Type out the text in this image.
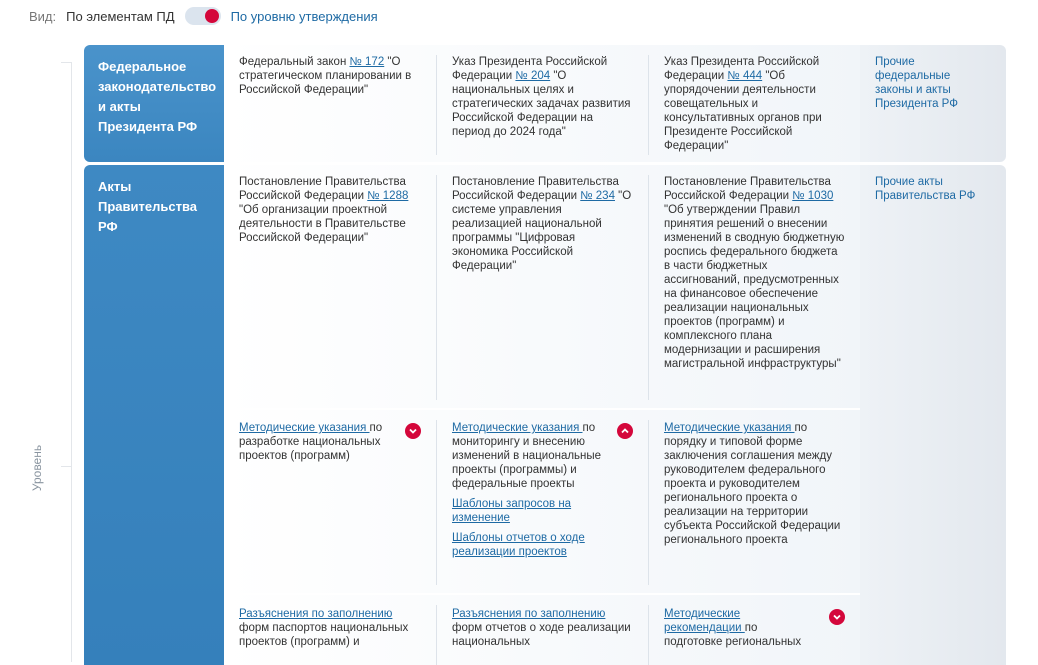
Вид: По элементам ПД	По уровню утверждения
Уровень
Федеральное законодательство и акты Президента РФ
Федеральный закон № 172 "О стратегическом планировании в Российской Федерации"
Указ Президента Российской Федерации № 204 "О национальных целях и стратегических задачах развития Российской Федерации на период до 2024 года"
Указ Президента Российской Федерации № 444 "Об упорядочении деятельности совещательных и консультативных органов при Президенте Российской Федерации"
Прочие федеральные законы и акты Президента РФ
Акты Правительства РФ
Постановление Правительства Российской Федерации № 1288 "Об организации проектной деятельности в Правительстве Российской Федерации"
Постановление Правительства Российской Федерации № 234 "О системе управления реализацией национальной программы "Цифровая экономика Российской Федерации"
Постановление Правительства Российской Федерации № 1030 "Об утверждении Правил принятия решений о внесении изменений в сводную бюджетную роспись федерального бюджета в части бюджетных ассигнований, предусмотренных на финансовое обеспечение реализации национальных проектов (программ) и комплексного плана модернизации и расширения магистральной инфраструктуры"
Прочие акты Правительства РФ
Методические указания по разработке национальных проектов (программ)
Методические указания по мониторингу и внесению изменений в национальные проекты (программы) и федеральные проекты
Шаблоны запросов на изменение
Шаблоны отчетов о ходе реализации проектов
Методические указания по порядку и типовой форме заключения соглашения между руководителем федерального проекта и руководителем регионального проекта о реализации на территории субъекта Российской Федерации регионального проекта
Разъяснения по заполнению
форм паспортов национальных проектов (программ) и
Разъяснения по заполнению
форм отчетов о ходе реализации национальных
Методические рекомендации по подготовке региональных
